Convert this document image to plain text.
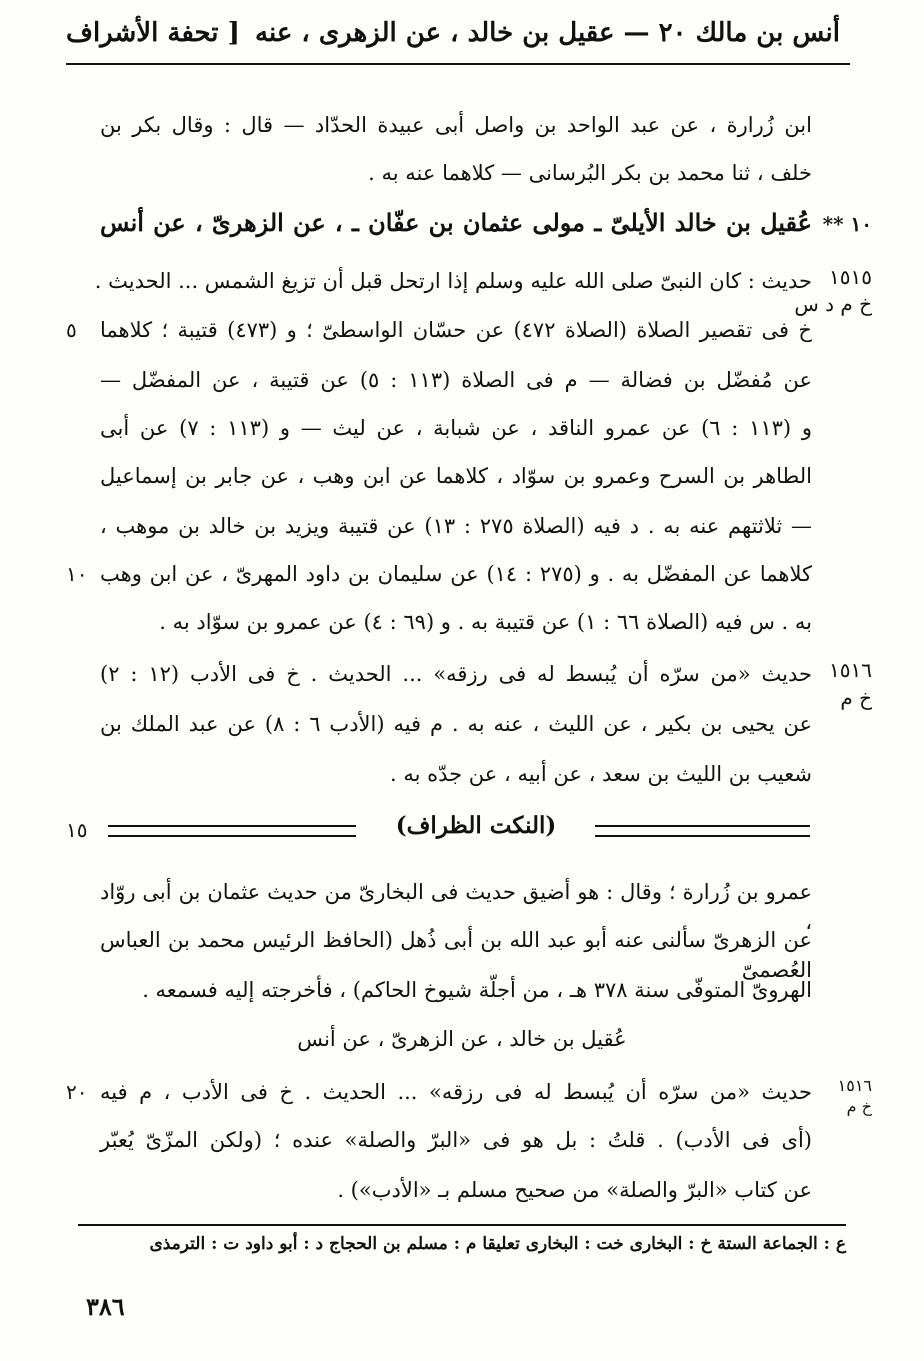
أنس بن مالك ٢٠ — عقيل بن خالد ، عن الزهرى ، عنه
[ تحفة الأشراف
ابن زُرارة ، عن عبد الواحد بن واصل أبى عبيدة الحدّاد — قال : وقال بكر بن
خلف ، ثنا محمد بن بكر البُرسانى — كلاهما عنه به .
١٠ **
عُقيل بن خالد الأيلىّ ـ مولى عثمان بن عفّان ـ ، عن الزهرىّ ، عن أنس
١٥١٥
خ م د س
حديث : كان النبىّ صلى الله عليه وسلم إذا ارتحل قبل أن تزيغ الشمس ... الحديث .
خ فى تقصير الصلاة (الصلاة ٤٧٢) عن حسّان الواسطىّ ؛ و (٤٧٣) قتيبة ؛ كلاهما
٥
عن مُفضّل بن فضالة — م فى الصلاة (١١٣ : ٥) عن قتيبة ، عن المفضّل —
و (١١٣ : ٦) عن عمرو الناقد ، عن شبابة ، عن ليث — و (١١٣ : ٧) عن أبى
الطاهر بن السرح وعمرو بن سوّاد ، كلاهما عن ابن وهب ، عن جابر بن إسماعيل
— ثلاثتهم عنه به . د فيه (الصلاة ٢٧٥ : ١٣) عن قتيبة ويزيد بن خالد بن موهب ،
كلاهما عن المفضّل به . و (٢٧٥ : ١٤) عن سليمان بن داود المهرىّ ، عن ابن وهب
١٠
به . س فيه (الصلاة ٦٦ : ١) عن قتيبة به . و (٦٩ : ٤) عن عمرو بن سوّاد به .
١٥١٦
خ م
حديث «من سرّه أن يُبسط له فى رزقه» ... الحديث . خ فى الأدب (١٢ : ٢)
عن يحيى بن بكير ، عن الليث ، عنه به . م فيه (الأدب ٦ : ٨) عن عبد الملك بن
شعيب بن الليث بن سعد ، عن أبيه ، عن جدّه به .
(النكت الظراف)
١٥
عمرو بن زُرارة ؛ وقال : هو أضيق حديث فى البخارىّ من حديث عثمان بن أبى روّاد ،
عن الزهرىّ سألنى عنه أبو عبد الله بن أبى ذُهل (الحافظ الرئيس محمد بن العباس العُصمىّ
الهروىّ المتوفّى سنة ٣٧٨ هـ ، من أجلّة شيوخ الحاكم) ، فأخرجته إليه فسمعه .
عُقيل بن خالد ، عن الزهرىّ ، عن أنس
١٥١٦
خ م
حديث «من سرّه أن يُبسط له فى رزقه» ... الحديث . خ فى الأدب ، م فيه
٢٠
(أى فى الأدب) . قلتُ : بل هو فى «البرّ والصلة» عنده ؛ (ولكن المزّىّ يُعبّر
عن كتاب «البرّ والصلة» من صحيح مسلم بـ «الأدب») .
ع : الجماعة الستة خ : البخارى خت : البخارى تعليقا م : مسلم بن الحجاج د : أبو داود ت : الترمذى
٣٨٦
